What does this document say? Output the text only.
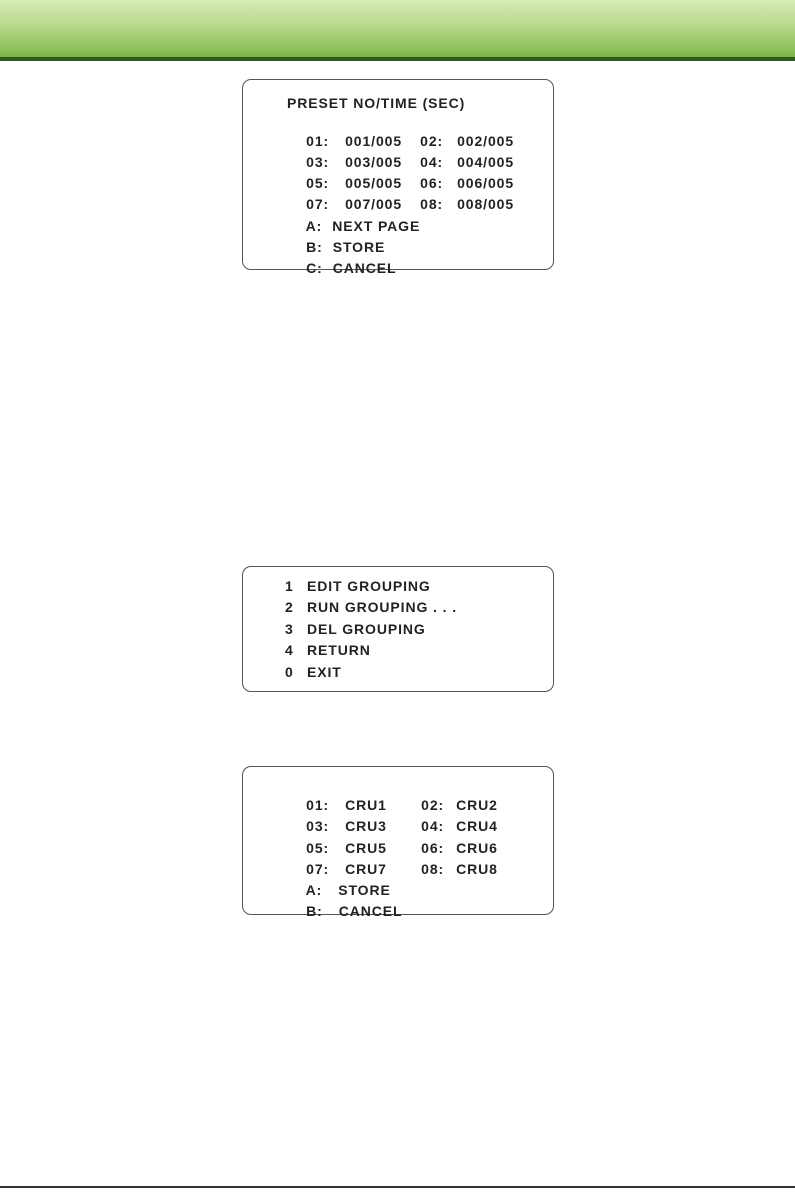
PRESET NO/TIME (SEC)

01: 001/005
	02: 002/005

03: 003/005
	04: 004/005

05: 005/005
	06: 006/005

07: 007/005
	08: 008/005

A: NEXT PAGE

B: STORE

C: CANCEL

1 EDIT GROUPING
2 RUN GROUPING . . .
3 DEL GROUPING
4 RETURN
0 EXIT

01: CRU1
	02: CRU2

03: CRU3
	04: CRU4

05: CRU5
	06: CRU6

07: CRU7
	08: CRU8

A: STORE

B: CANCEL
